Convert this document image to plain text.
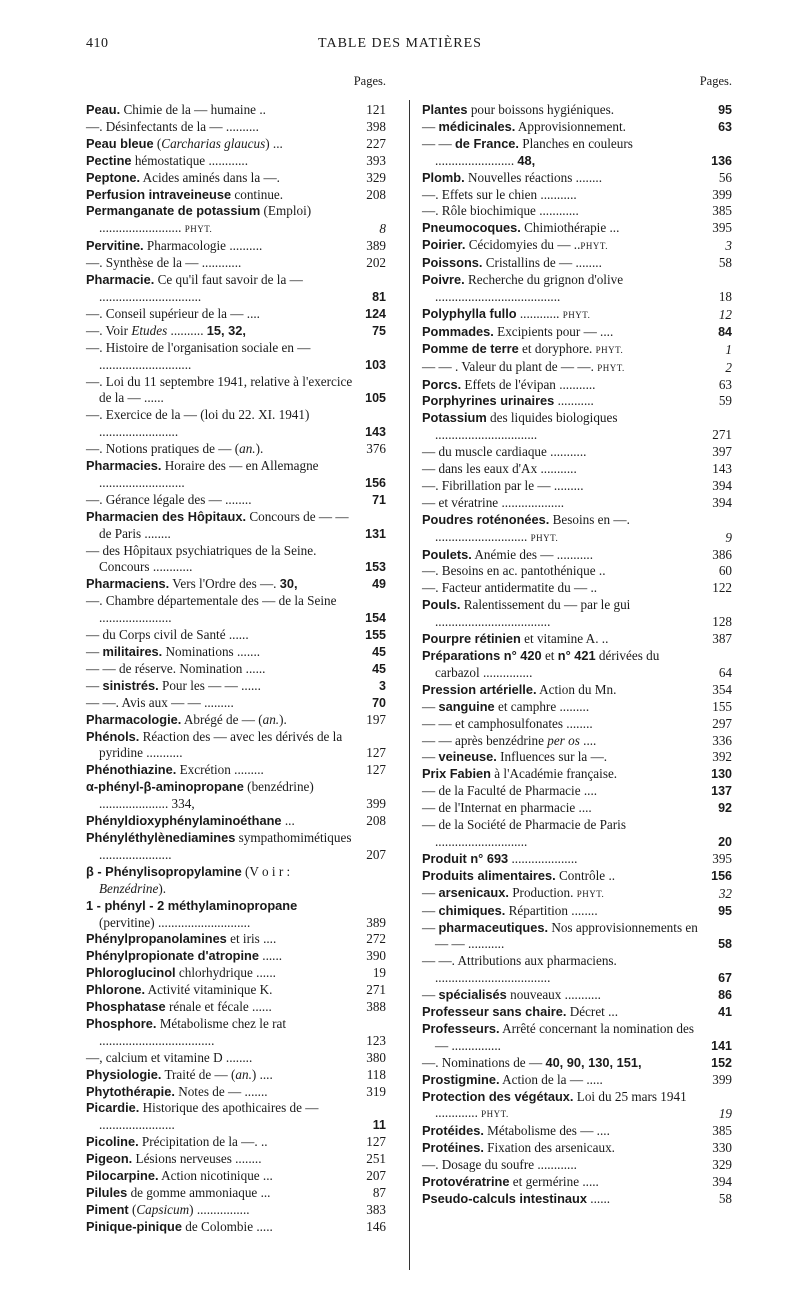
410	TABLE DES MATIÈRES
Pages.
Peau. Chimie de la — humaine ..	121
—. Désinfectants de la — ..........	398
Peau bleue (Carcharias glaucus) ...	227
Pectine hémostatique ............	393
Peptone. Acides aminés dans la —.	329
Perfusion intraveineuse continue.	208
Permanganate de potassium (Emploi) ......................... PHYT.	8
Pervitine. Pharmacologie ..........	389
—. Synthèse de la — ............	202
Pharmacie. Ce qu'il faut savoir de la — ...............................	81
—. Conseil supérieur de la — ....	124
—. Voir Etudes .......... 15, 32,	75
—. Histoire de l'organisation sociale en — ............................	103
—. Loi du 11 septembre 1941, relative à l'exercice de la — ......	105
—. Exercice de la — (loi du 22. XI. 1941) ........................	143
—. Notions pratiques de — (an.).	376
Pharmacies. Horaire des — en Allemagne ..........................	156
—. Gérance légale des — ........	71
Pharmacien des Hôpitaux. Concours de — — de Paris ........	131
— des Hôpitaux psychiatriques de la Seine. Concours ............	153
Pharmaciens. Vers l'Ordre des —. 30,	49
—. Chambre départementale des — de la Seine ......................	154
— du Corps civil de Santé ......	155
— militaires. Nominations .......	45
— — de réserve. Nomination ......	45
— sinistrés. Pour les — — ......	3
— —. Avis aux — — .........	70
Pharmacologie. Abrégé de — (an.).	197
Phénols. Réaction des — avec les dérivés de la pyridine ...........	127
Phénothiazine. Excrétion .........	127
α-phényl-β-aminopropane (benzédrine) ..................... 334,	399
Phényldioxyphénylaminoéthane ...	208
Phényléthylènediamines sympathomimétiques ......................	207
β - Phénylisopropylamine (V o i r : Benzédrine).
1 - phényl - 2 méthylaminopropane (pervitine) ............................	389
Phénylpropanolamines et iris ....	272
Phénylpropionate d'atropine ......	390
Phloroglucinol chlorhydrique ......	19
Phlorone. Activité vitaminique K.	271
Phosphatase rénale et fécale ......	388
Phosphore. Métabolisme chez le rat ...................................	123
—, calcium et vitamine D ........	380
Physiologie. Traité de — (an.) ....	118
Phytothérapie. Notes de — .......	319
Picardie. Historique des apothicaires de — .......................	11
Picoline. Précipitation de la —. ..	127
Pigeon. Lésions nerveuses ........	251
Pilocarpine. Action nicotinique ...	207
Pilules de gomme ammoniaque ...	87
Piment (Capsicum) ................	383
Pinique-pinique de Colombie .....	146
Pages.
Plantes pour boissons hygiéniques.	95
— médicinales. Approvisionnement.	63
— — de France. Planches en couleurs ........................ 48,	136
Plomb. Nouvelles réactions ........	56
—. Effets sur le chien ...........	399
—. Rôle biochimique ............	385
Pneumocoques. Chimiothérapie ...	395
Poirier. Cécidomyies du — ..PHYT.	3
Poissons. Cristallins de — ........	58
Poivre. Recherche du grignon d'olive ......................................	18
Polyphylla fullo ............ PHYT.	12
Pommades. Excipients pour — ....	84
Pomme de terre et doryphore. PHYT.	1
— — . Valeur du plant de — —. PHYT.	2
Porcs. Effets de l'évipan ...........	63
Porphyrines urinaires ...........	59
Potassium des liquides biologiques ...............................	271
— du muscle cardiaque ...........	397
— dans les eaux d'Ax ...........	143
—. Fibrillation par le — .........	394
— et vératrine ...................	394
Poudres roténonées. Besoins en —. ............................ PHYT.	9
Poulets. Anémie des — ...........	386
—. Besoins en ac. pantothénique ..	60
—. Facteur antidermatite du — ..	122
Pouls. Ralentissement du — par le gui ...................................	128
Pourpre rétinien et vitamine A. ..	387
Préparations n° 420 et n° 421 dérivées du carbazol ...............	64
Pression artérielle. Action du Mn.	354
— sanguine et camphre .........	155
— — et camphosulfonates ........	297
— — après benzédrine per os ....	336
— veineuse. Influences sur la —.	392
Prix Fabien à l'Académie française.	130
— de la Faculté de Pharmacie ....	137
— de l'Internat en pharmacie ....	92
— de la Société de Pharmacie de Paris ............................	20
Produit n° 693 ....................	395
Produits alimentaires. Contrôle ..	156
— arsenicaux. Production. PHYT.	32
— chimiques. Répartition ........	95
— pharmaceutiques. Nos approvisionnements en — — ...........	58
— —. Attributions aux pharmaciens. ...................................	67
— spécialisés nouveaux ...........	86
Professeur sans chaire. Décret ...	41
Professeurs. Arrêté concernant la nomination des — ...............	141
—. Nominations de — 40, 90, 130, 151,	152
Prostigmine. Action de la — .....	399
Protection des végétaux. Loi du 25 mars 1941 ............. PHYT.	19
Protéides. Métabolisme des — ....	385
Protéines. Fixation des arsenicaux.	330
—. Dosage du soufre ............	329
Protovératrine et germérine .....	394
Pseudo-calculs intestinaux ......	58
